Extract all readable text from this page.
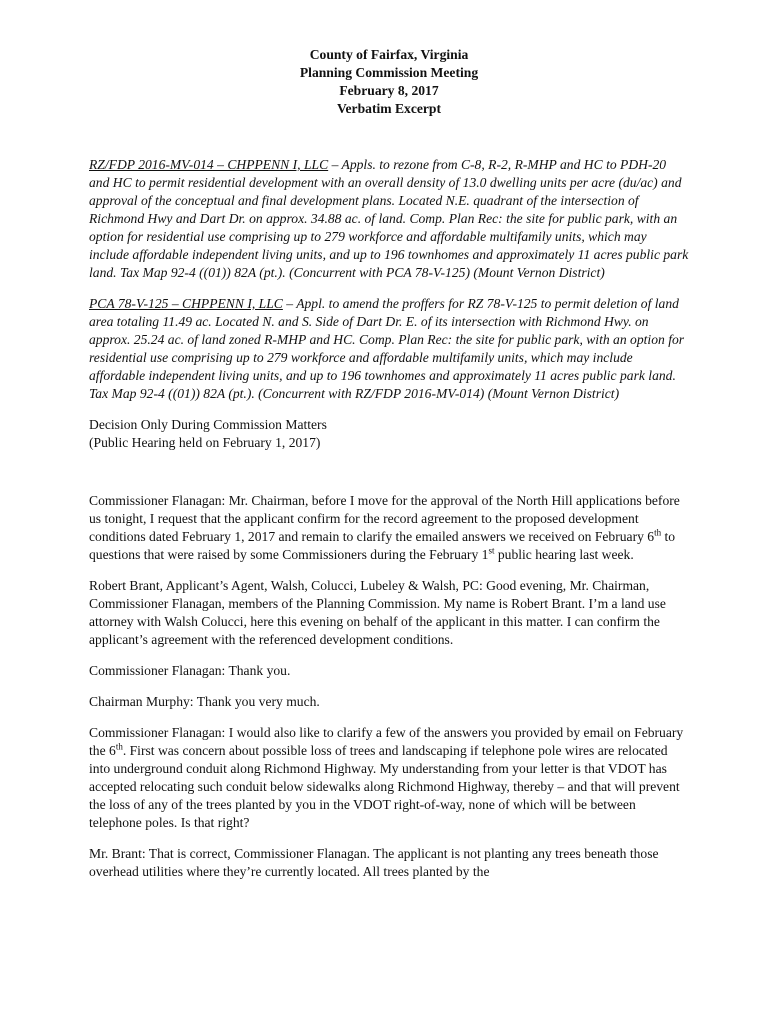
County of Fairfax, Virginia
Planning Commission Meeting
February 8, 2017
Verbatim Excerpt

RZ/FDP 2016-MV-014 – CHPPENN I, LLC – Appls. to rezone from C-8, R-2, R-MHP and HC to PDH-20 and HC to permit residential development with an overall density of 13.0 dwelling units per acre (du/ac) and approval of the conceptual and final development plans. Located N.E. quadrant of the intersection of Richmond Hwy and Dart Dr. on approx. 34.88 ac. of land. Comp. Plan Rec: the site for public park, with an option for residential use comprising up to 279 workforce and affordable multifamily units, which may include affordable independent living units, and up to 196 townhomes and approximately 11 acres public park land. Tax Map 92-4 ((01)) 82A (pt.). (Concurrent with PCA 78-V-125) (Mount Vernon District)

PCA 78-V-125 – CHPPENN I, LLC – Appl. to amend the proffers for RZ 78-V-125 to permit deletion of land area totaling 11.49 ac. Located N. and S. Side of Dart Dr. E. of its intersection with Richmond Hwy. on approx. 25.24 ac. of land zoned R-MHP and HC. Comp. Plan Rec: the site for public park, with an option for residential use comprising up to 279 workforce and affordable multifamily units, which may include affordable independent living units, and up to 196 townhomes and approximately 11 acres public park land. Tax Map 92-4 ((01)) 82A (pt.). (Concurrent with RZ/FDP 2016-MV-014) (Mount Vernon District)

Decision Only During Commission Matters
(Public Hearing held on February 1, 2017)

Commissioner Flanagan: Mr. Chairman, before I move for the approval of the North Hill applications before us tonight, I request that the applicant confirm for the record agreement to the proposed development conditions dated February 1, 2017 and remain to clarify the emailed answers we received on February 6th to questions that were raised by some Commissioners during the February 1st public hearing last week.

Robert Brant, Applicant’s Agent, Walsh, Colucci, Lubeley & Walsh, PC: Good evening, Mr. Chairman, Commissioner Flanagan, members of the Planning Commission. My name is Robert Brant. I’m a land use attorney with Walsh Colucci, here this evening on behalf of the applicant in this matter. I can confirm the applicant’s agreement with the referenced development conditions.

Commissioner Flanagan: Thank you.

Chairman Murphy: Thank you very much.

Commissioner Flanagan: I would also like to clarify a few of the answers you provided by email on February the 6th. First was concern about possible loss of trees and landscaping if telephone pole wires are relocated into underground conduit along Richmond Highway. My understanding from your letter is that VDOT has accepted relocating such conduit below sidewalks along Richmond Highway, thereby – and that will prevent the loss of any of the trees planted by you in the VDOT right-of-way, none of which will be between telephone poles. Is that right?

Mr. Brant: That is correct, Commissioner Flanagan. The applicant is not planting any trees beneath those overhead utilities where they’re currently located. All trees planted by the
